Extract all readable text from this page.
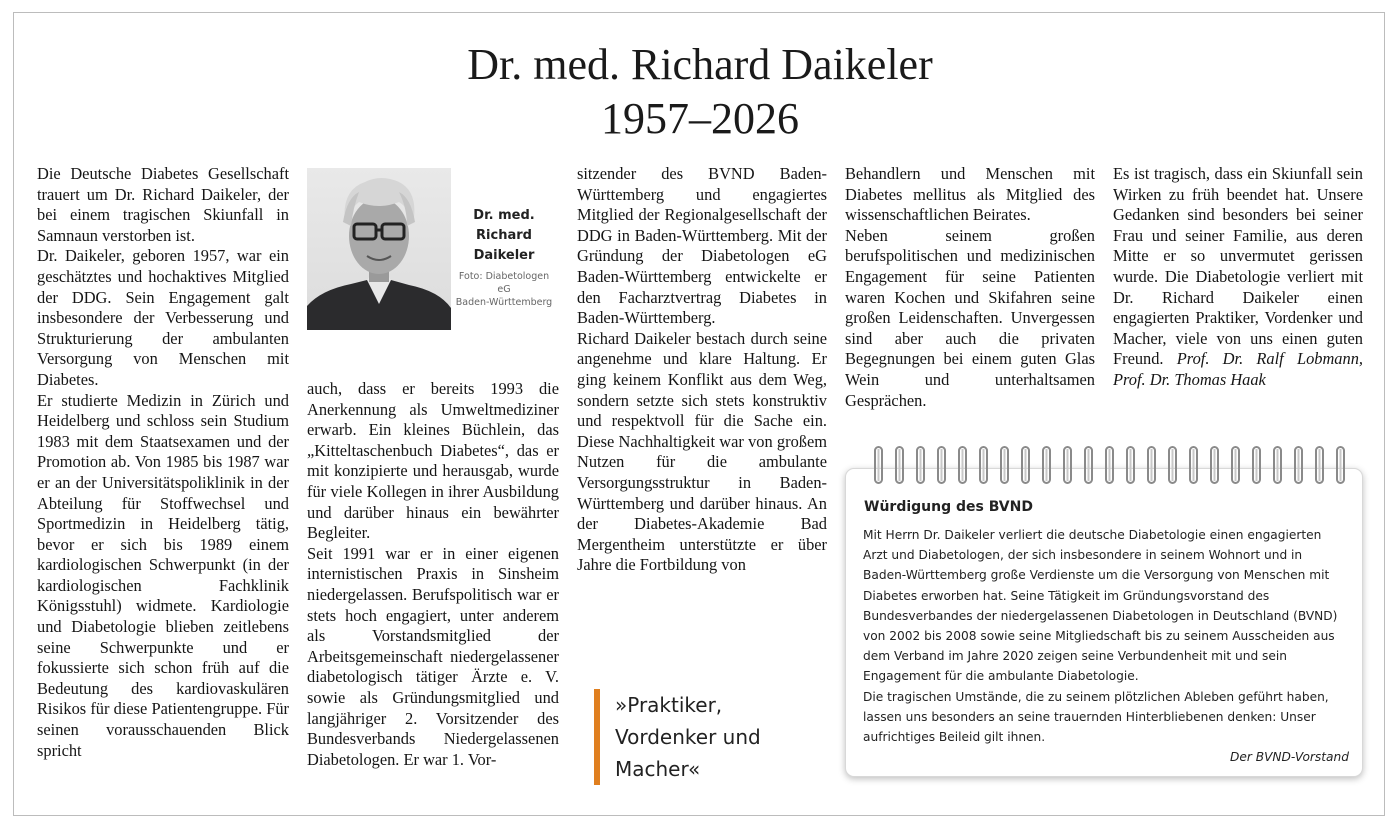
Dr. med. Richard Daikeler
1957–2026

Die Deutsche Diabetes Gesellschaft trauert um Dr. Richard Daikeler, der bei einem tragischen Skiunfall in Samnaun verstorben ist.

Dr. Daikeler, geboren 1957, war ein geschätztes und hochaktives Mitglied der DDG. Sein Engagement galt insbesondere der Verbesserung und Strukturierung der ambulanten Versorgung von Menschen mit Diabetes.

Er studierte Medizin in Zürich und Heidelberg und schloss sein Studium 1983 mit dem Staatsexamen und der Promotion ab. Von 1985 bis 1987 war er an der Universitätspoliklinik in der Abteilung für Stoffwechsel und Sportmedizin in Heidelberg tätig, bevor er sich bis 1989 einem kardiologischen Schwerpunkt (in der kardiologischen Fachklinik Königsstuhl) widmete. Kardiologie und Diabetologie blieben zeitlebens seine Schwerpunkte und er fokussierte sich schon früh auf die Bedeutung des kardiovaskulären Risikos für diese Patientengruppe. Für seinen vorausschauenden Blick spricht

Dr. med.
Richard
Daikeler
Foto: Diabetologen eG
Baden-Württemberg

auch, dass er bereits 1993 die Anerkennung als Umweltmediziner erwarb. Ein kleines Büchlein, das „Kitteltaschenbuch Diabetes“, das er mit konzipierte und herausgab, wurde für viele Kollegen in ihrer Ausbildung und darüber hinaus ein bewährter Begleiter.

Seit 1991 war er in einer eigenen internistischen Praxis in Sinsheim niedergelassen. Berufspolitisch war er stets hoch engagiert, unter anderem als Vorstandsmitglied der Arbeitsgemeinschaft niedergelassener diabetologisch tätiger Ärzte e. V. sowie als Gründungsmitglied und langjähriger 2. Vorsitzender des Bundesverbands Niedergelassenen Diabetologen. Er war 1. Vor-

sitzender des BVND Baden-Württemberg und engagiertes Mitglied der Regionalgesellschaft der DDG in Baden-Württemberg. Mit der Gründung der Diabetologen eG Baden-Württemberg entwickelte er den Facharztvertrag Diabetes in Baden-Württemberg.

Richard Daikeler bestach durch seine angenehme und klare Haltung. Er ging keinem Konflikt aus dem Weg, sondern setzte sich stets konstruktiv und respektvoll für die Sache ein. Diese Nachhaltigkeit war von großem Nutzen für die ambulante Versorgungsstruktur in Baden-Württemberg und darüber hinaus. An der Diabetes-Akademie Bad Mergentheim unterstützte er über Jahre die Fortbildung von

»Praktiker,
Vordenker und
Macher«

Behandlern und Menschen mit Diabetes mellitus als Mitglied des wissenschaftlichen Beirates.

Neben seinem großen berufspolitischen und medizinischen Engagement für seine Patienten waren Kochen und Skifahren seine großen Leidenschaften. Unvergessen sind aber auch die privaten Begegnungen bei einem guten Glas Wein und unterhaltsamen Gesprächen.

Es ist tragisch, dass ein Skiunfall sein Wirken zu früh beendet hat. Unsere Gedanken sind besonders bei seiner Frau und seiner Familie, aus deren Mitte er so unvermutet gerissen wurde. Die Diabetologie verliert mit Dr. Richard Daikeler einen engagierten Praktiker, Vordenker und Macher, viele von uns einen guten Freund. Prof. Dr. Ralf Lobmann, Prof. Dr. Thomas Haak

Würdigung des BVND

Mit Herrn Dr. Daikeler verliert die deutsche Diabetologie einen engagierten Arzt und Diabetologen, der sich insbesondere in seinem Wohnort und in Baden-Württemberg große Verdienste um die Versorgung von Menschen mit Diabetes erworben hat. Seine Tätigkeit im Gründungsvorstand des Bundesverbandes der niedergelassenen Diabetologen in Deutschland (BVND) von 2002 bis 2008 sowie seine Mitgliedschaft bis zu seinem Ausscheiden aus dem Verband im Jahre 2020 zeigen seine Verbundenheit mit und sein Engagement für die ambulante Diabetologie.

Die tragischen Umstände, die zu seinem plötzlichen Ableben geführt haben, lassen uns besonders an seine trauernden Hinterbliebenen denken: Unser aufrichtiges Beileid gilt ihnen.

Der BVND-Vorstand
